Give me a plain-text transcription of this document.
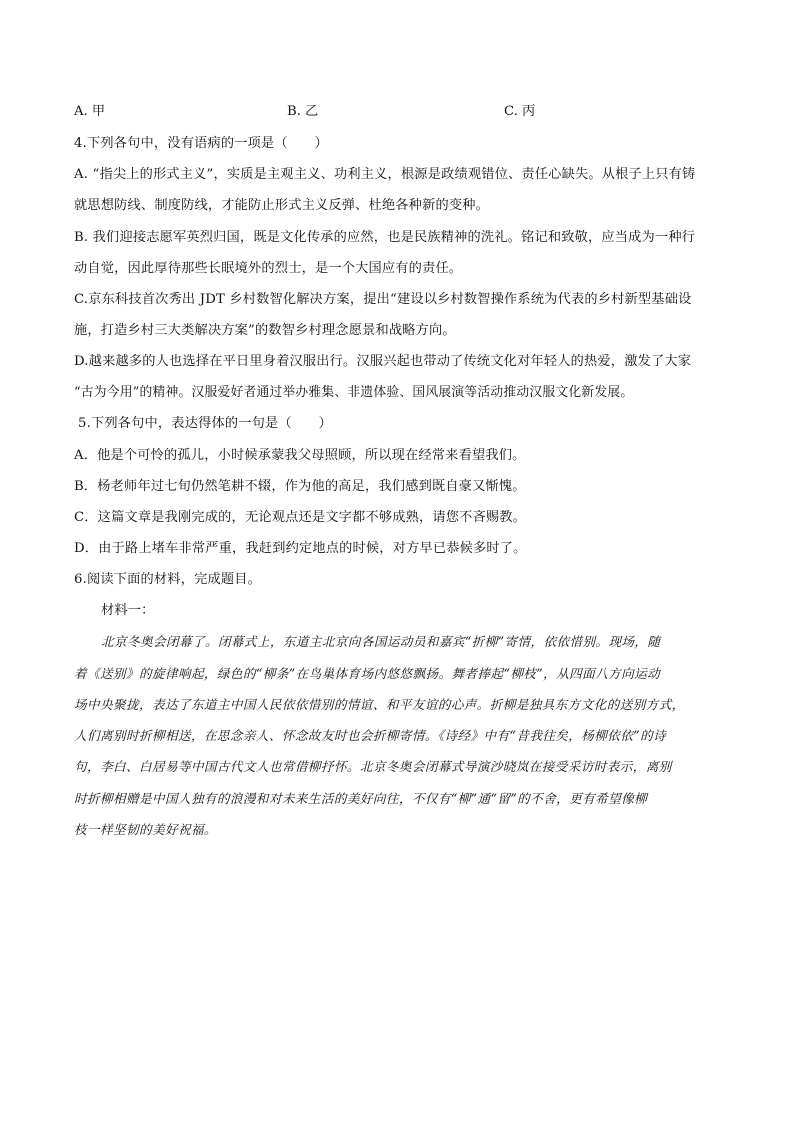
A. 甲	B. 乙	C. 丙
4.下列各句中，没有语病的一项是（　　）
A. “指尖上的形式主义”，实质是主观主义、功利主义，根源是政绩观错位、责任心缺失。从根子上只有铸
就思想防线、制度防线，才能防止形式主义反弹、杜绝各种新的变种。
B. 我们迎接志愿军英烈归国，既是文化传承的应然，也是民族精神的洗礼。铭记和致敬，应当成为一种行
动自觉，因此厚待那些长眠境外的烈士，是一个大国应有的责任。
C.京东科技首次秀出 JDT 乡村数智化解决方案，提出“建设以乡村数智操作系统为代表的乡村新型基础设
施，打造乡村三大类解决方案”的数智乡村理念愿景和战略方向。
D.越来越多的人也选择在平日里身着汉服出行。汉服兴起也带动了传统文化对年轻人的热爱，激发了大家
“古为今用”的精神。汉服爱好者通过举办雅集、非遗体验、国风展演等活动推动汉服文化新发展。
5.下列各句中，表达得体的一句是（　　）
A．他是个可怜的孤儿，小时候承蒙我父母照顾，所以现在经常来看望我们。
B．杨老师年过七旬仍然笔耕不辍，作为他的高足，我们感到既自豪又惭愧。
C．这篇文章是我刚完成的，无论观点还是文字都不够成熟，请您不吝赐教。
D．由于路上堵车非常严重，我赶到约定地点的时候，对方早已恭候多时了。
6.阅读下面的材料，完成题目。
材料一：
北京冬奥会闭幕了。闭幕式上，东道主北京向各国运动员和嘉宾“折柳”寄情，依依惜别。现场，随
着《送别》的旋律响起，绿色的“柳条”在鸟巢体育场内悠悠飘扬。舞者捧起“柳枝”，从四面八方向运动
场中央聚拢，表达了东道主中国人民依依惜别的情谊、和平友谊的心声。折柳是独具东方文化的送别方式，
人们离别时折柳相送，在思念亲人、怀念故友时也会折柳寄情。《诗经》中有“昔我往矣，杨柳依依”的诗
句，李白、白居易等中国古代文人也常借柳抒怀。北京冬奥会闭幕式导演沙晓岚在接受采访时表示，离别
时折柳相赠是中国人独有的浪漫和对未来生活的美好向往，不仅有“柳”通“留”的不舍，更有希望像柳
枝一样坚韧的美好祝福。
